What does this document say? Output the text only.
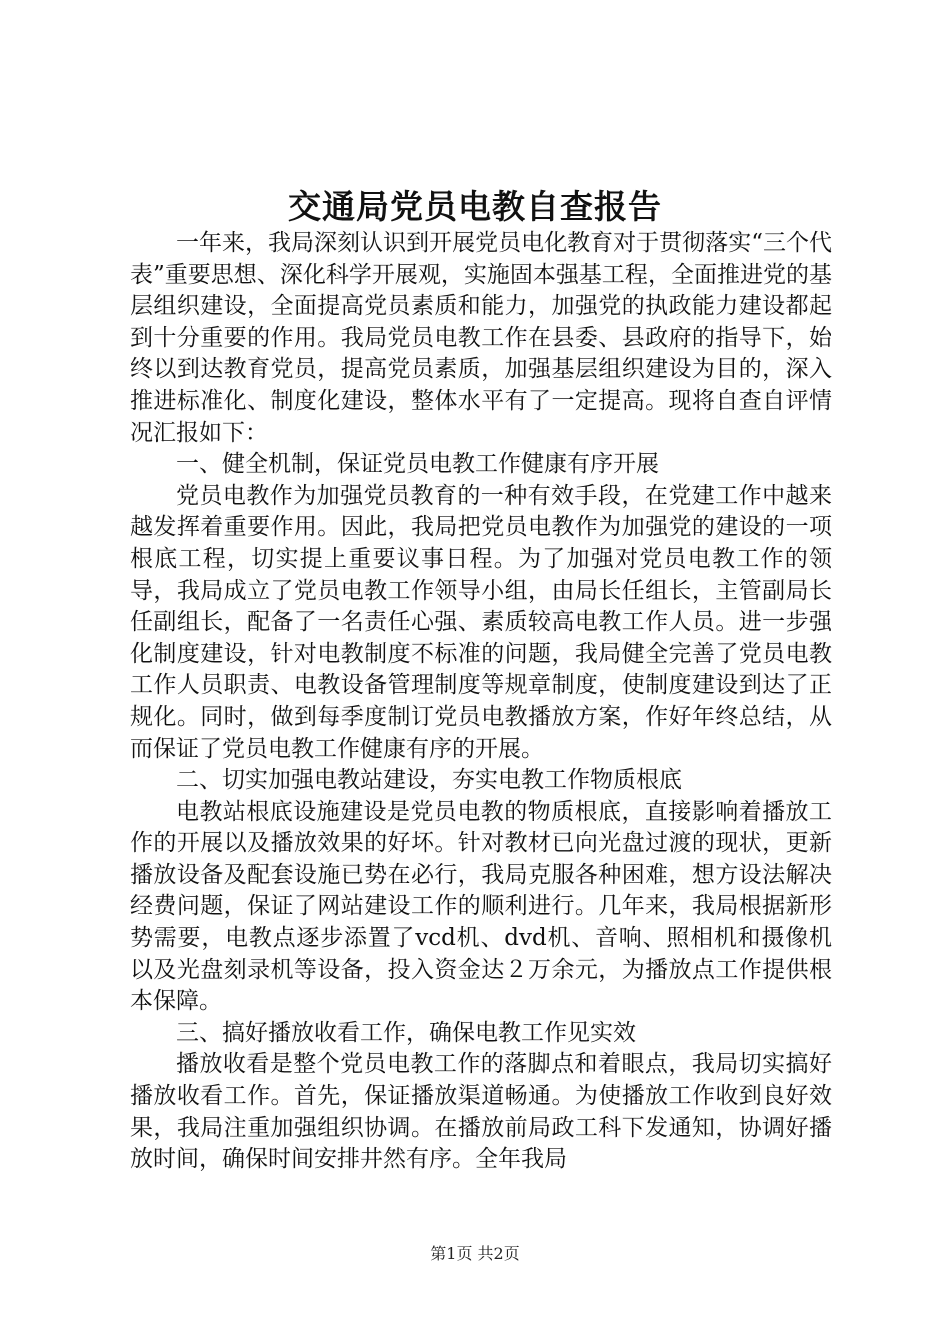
交通局党员电教自查报告

一年来，我局深刻认识到开展党员电化教育对于贯彻落实“三个代表”重要思想、深化科学开展观，实施固本强基工程，全面推进党的基层组织建设，全面提高党员素质和能力，加强党的执政能力建设都起到十分重要的作用。我局党员电教工作在县委、县政府的指导下，始终以到达教育党员，提高党员素质，加强基层组织建设为目的，深入推进标准化、制度化建设，整体水平有了一定提高。现将自查自评情况汇报如下：

一、健全机制，保证党员电教工作健康有序开展

党员电教作为加强党员教育的一种有效手段，在党建工作中越来越发挥着重要作用。因此，我局把党员电教作为加强党的建设的一项根底工程，切实提上重要议事日程。为了加强对党员电教工作的领导，我局成立了党员电教工作领导小组，由局长任组长，主管副局长任副组长，配备了一名责任心强、素质较高电教工作人员。进一步强化制度建设，针对电教制度不标准的问题，我局健全完善了党员电教工作人员职责、电教设备管理制度等规章制度，使制度建设到达了正规化。同时，做到每季度制订党员电教播放方案，作好年终总结，从而保证了党员电教工作健康有序的开展。

二、切实加强电教站建设，夯实电教工作物质根底

电教站根底设施建设是党员电教的物质根底，直接影响着播放工作的开展以及播放效果的好坏。针对教材已向光盘过渡的现状，更新播放设备及配套设施已势在必行，我局克服各种困难，想方设法解决经费问题，保证了网站建设工作的顺利进行。几年来，我局根据新形势需要，电教点逐步添置了vcd机、dvd机、音响、照相机和摄像机以及光盘刻录机等设备，投入资金达２万余元，为播放点工作提供根本保障。

三、搞好播放收看工作，确保电教工作见实效

播放收看是整个党员电教工作的落脚点和着眼点，我局切实搞好播放收看工作。首先，保证播放渠道畅通。为使播放工作收到良好效果，我局注重加强组织协调。在播放前局政工科下发通知，协调好播放时间，确保时间安排井然有序。全年我局

第1页 共2页
